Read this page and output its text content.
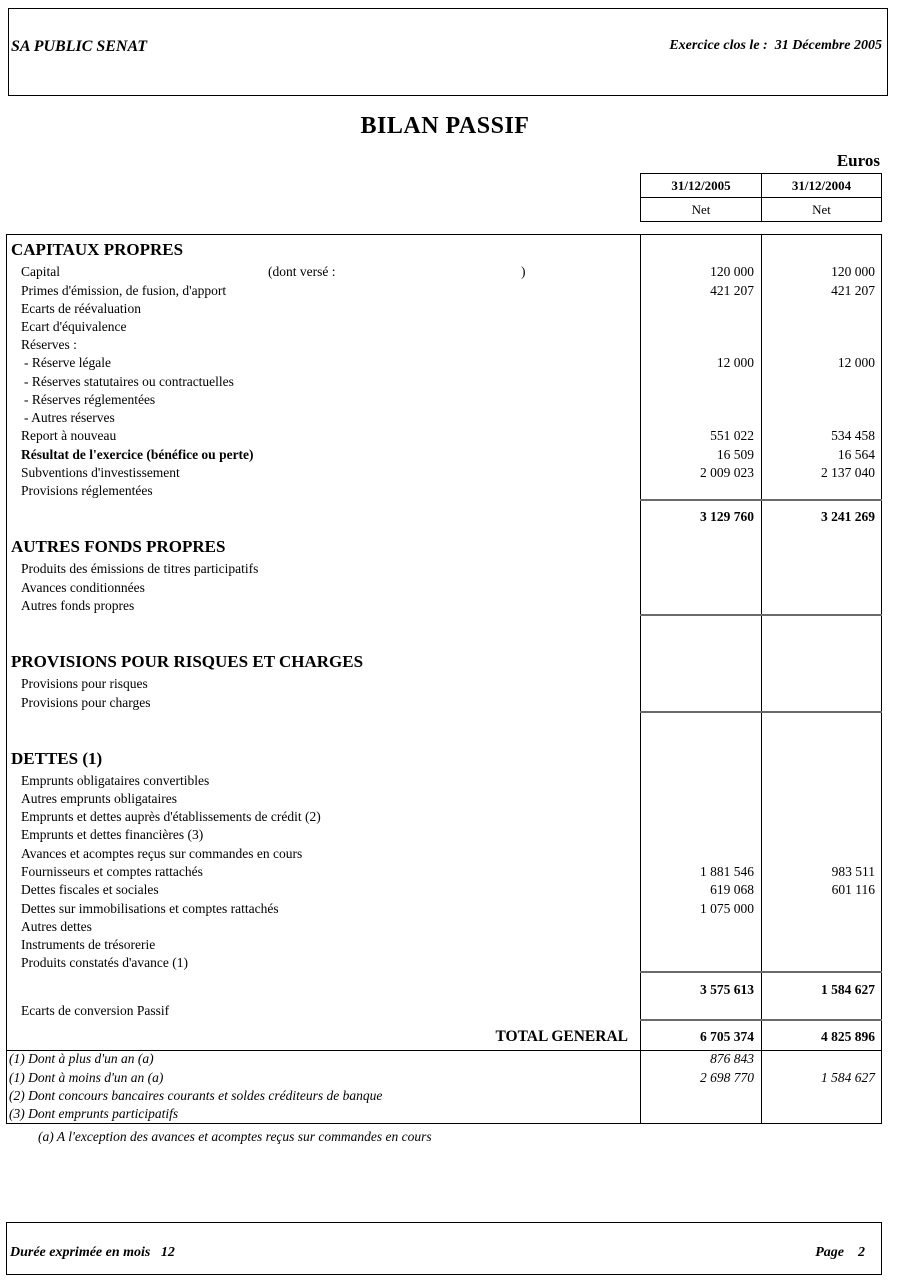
SA PUBLIC SENAT	Exercice clos le :  31 Décembre 2005
BILAN PASSIF
Euros
31/12/2005	31/12/2004
Net	Net
CAPITAUX PROPRES
Capital	(dont versé :	)	120 000	120 000
Primes d'émission, de fusion, d'apport	421 207	421 207
Ecarts de réévaluation
Ecart d'équivalence
Réserves :
- Réserve légale	12 000	12 000
- Réserves statutaires ou contractuelles
- Réserves réglementées
- Autres réserves
Report à nouveau	551 022	534 458
Résultat de l'exercice (bénéfice ou perte)	16 509	16 564
Subventions d'investissement	2 009 023	2 137 040
Provisions réglementées
3 129 760	3 241 269
AUTRES FONDS PROPRES
Produits des émissions de titres participatifs
Avances conditionnées
Autres fonds propres
PROVISIONS POUR RISQUES ET CHARGES
Provisions pour risques
Provisions pour charges
DETTES (1)
Emprunts obligataires convertibles
Autres emprunts obligataires
Emprunts et dettes auprès d'établissements de crédit (2)
Emprunts et dettes financières (3)
Avances et acomptes reçus sur commandes en cours
Fournisseurs et comptes rattachés	1 881 546	983 511
Dettes fiscales et sociales	619 068	601 116
Dettes sur immobilisations et comptes rattachés	1 075 000
Autres dettes
Instruments de trésorerie
Produits constatés d'avance (1)
3 575 613	1 584 627
Ecarts de conversion Passif
TOTAL GENERAL	6 705 374	4 825 896
(1) Dont à plus d'un an (a)	876 843
(1) Dont à moins d'un an (a)	2 698 770	1 584 627
(2) Dont concours bancaires courants et soldes créditeurs de banque
(3) Dont emprunts participatifs
(a) A l'exception des avances et acomptes reçus sur commandes en cours
Durée exprimée en mois   12	Page    2
